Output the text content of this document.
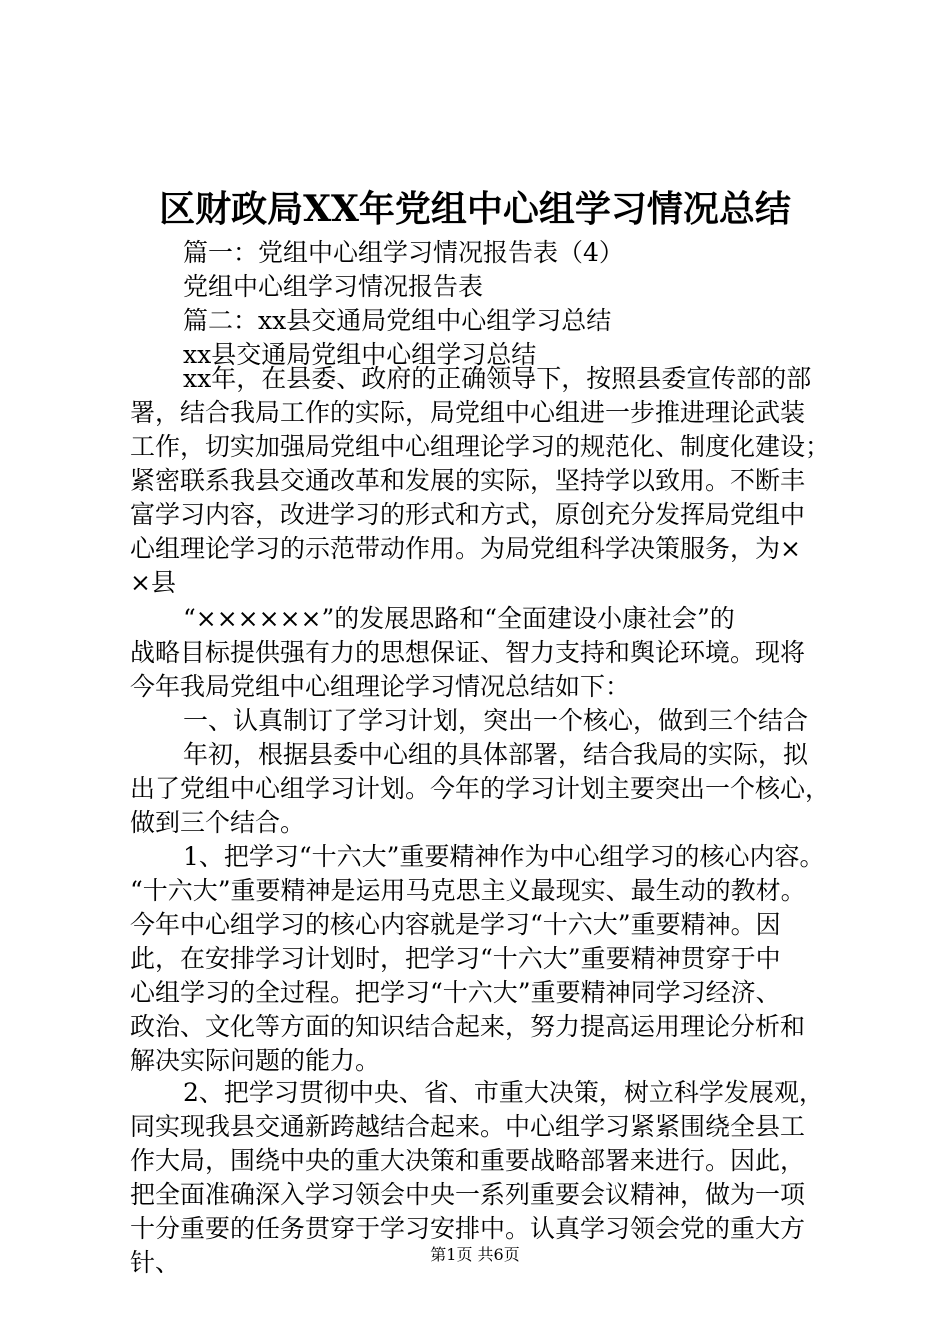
区财政局XX年党组中心组学习情况总结
篇一：党组中心组学习情况报告表（4）
党组中心组学习情况报告表
篇二：xx县交通局党组中心组学习总结
xx县交通局党组中心组学习总结
xx年，在县委、政府的正确领导下，按照县委宣传部的部
署，结合我局工作的实际，局党组中心组进一步推进理论武装
工作，切实加强局党组中心组理论学习的规范化、制度化建设；
紧密联系我县交通改革和发展的实际，坚持学以致用。不断丰
富学习内容，改进学习的形式和方式，原创充分发挥局党组中
心组理论学习的示范带动作用。为局党组科学决策服务，为×
×县
“××××××”的发展思路和“全面建设小康社会”的
战略目标提供强有力的思想保证、智力支持和舆论环境。现将
今年我局党组中心组理论学习情况总结如下：
一、认真制订了学习计划，突出一个核心，做到三个结合
年初，根据县委中心组的具体部署，结合我局的实际，拟
出了党组中心组学习计划。今年的学习计划主要突出一个核心，
做到三个结合。
1、把学习“十六大”重要精神作为中心组学习的核心内容。
“十六大”重要精神是运用马克思主义最现实、最生动的教材。
今年中心组学习的核心内容就是学习“十六大”重要精神。因
此，在安排学习计划时，把学习“十六大”重要精神贯穿于中
心组学习的全过程。把学习“十六大”重要精神同学习经济、
政治、文化等方面的知识结合起来，努力提高运用理论分析和
解决实际问题的能力。
2、把学习贯彻中央、省、市重大决策，树立科学发展观，
同实现我县交通新跨越结合起来。中心组学习紧紧围绕全县工
作大局，围绕中央的重大决策和重要战略部署来进行。因此，
把全面准确深入学习领会中央一系列重要会议精神，做为一项
十分重要的任务贯穿于学习安排中。认真学习领会党的重大方
针、	第1页 共6页
